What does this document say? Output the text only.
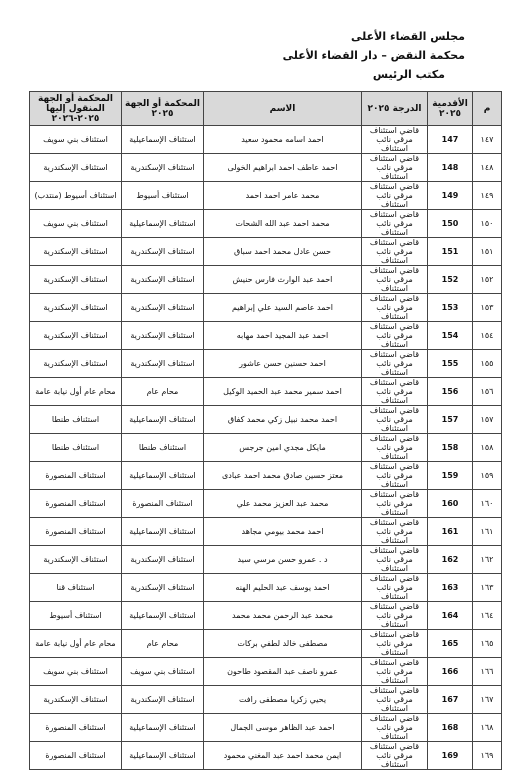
مجلس القضاء الأعلى
محكمة النقض – دار القضاء الأعلى
مكتب الرئيس
م	الأقدمية ٢٠٢٥	الدرجة ٢٠٢٥	الاسم	المحكمة أو الجهة ٢٠٢٥	المحكمة أو الجهة المنقول إليها ٢٠٢٥-٢٠٢٦
١٤٧	147	قاضي استئناف مرقي نائب استئناف	احمد اسامه محمود سعيد	استئناف الإسماعيلية	استئناف بني سويف
١٤٨	148	قاضي استئناف مرقي نائب استئناف	احمد عاطف احمد ابراهيم الخولى	استئناف الإسكندرية	استئناف الإسكندرية
١٤٩	149	قاضي استئناف مرقي نائب استئناف	محمد عامر احمد احمد	استئناف أسيوط	استئناف أسيوط (منتدب)
١٥٠	150	قاضي استئناف مرقي نائب استئناف	محمد احمد عبد الله الشحات	استئناف الإسماعيلية	استئناف بني سويف
١٥١	151	قاضي استئناف مرقي نائب استئناف	حسن عادل محمد احمد سباق	استئناف الإسكندرية	استئناف الإسكندرية
١٥٢	152	قاضي استئناف مرقي نائب استئناف	احمد عبد الوارث فارس حنيش	استئناف الإسكندرية	استئناف الإسكندرية
١٥٣	153	قاضي استئناف مرقي نائب استئناف	احمد عاصم السيد علي إبراهيم	استئناف الإسكندرية	استئناف الإسكندرية
١٥٤	154	قاضي استئناف مرقي نائب استئناف	احمد عبد المجيد احمد مهابه	استئناف الإسكندرية	استئناف الإسكندرية
١٥٥	155	قاضي استئناف مرقي نائب استئناف	احمد حسنين حسن عاشور	استئناف الإسكندرية	استئناف الإسكندرية
١٥٦	156	قاضي استئناف مرقي نائب استئناف	احمد سمير محمد عبد الحميد الوكيل	محام عام	محام عام أول نيابة عامة
١٥٧	157	قاضي استئناف مرقي نائب استئناف	احمد محمد نبيل زكي محمد كفاق	استئناف الإسماعيلية	استئناف طنطا
١٥٨	158	قاضي استئناف مرقي نائب استئناف	مايكل مجدي امين جرجس	استئناف طنطا	استئناف طنطا
١٥٩	159	قاضي استئناف مرقي نائب استئناف	معتز حسين صادق محمد احمد عبادى	استئناف الإسماعيلية	استئناف المنصورة
١٦٠	160	قاضي استئناف مرقي نائب استئناف	محمد عبد العزيز محمد علي	استئناف المنصورة	استئناف المنصورة
١٦١	161	قاضي استئناف مرقي نائب استئناف	احمد محمد بيومي مجاهد	استئناف الإسماعيلية	استئناف المنصورة
١٦٢	162	قاضي استئناف مرقي نائب استئناف	د . عمرو حسن مرسي سيد	استئناف الإسكندرية	استئناف الإسكندرية
١٦٣	163	قاضي استئناف مرقي نائب استئناف	احمد يوسف عبد الحليم الهنه	استئناف الإسكندرية	استئناف قنا
١٦٤	164	قاضي استئناف مرقي نائب استئناف	محمد عبد الرحمن محمد محمد	استئناف الإسماعيلية	استئناف أسيوط
١٦٥	165	قاضي استئناف مرقي نائب استئناف	مصطفى خالد لطفي بركات	محام عام	محام عام أول نيابة عامة
١٦٦	166	قاضي استئناف مرقي نائب استئناف	عمرو ناصف عبد المقصود طاحون	استئناف بني سويف	استئناف بني سويف
١٦٧	167	قاضي استئناف مرقي نائب استئناف	يحيي زكريا مصطفى رافت	استئناف الإسكندرية	استئناف الإسكندرية
١٦٨	168	قاضي استئناف مرقي نائب استئناف	احمد عبد الظاهر موسى الجمال	استئناف الإسماعيلية	استئناف المنصورة
١٦٩	169	قاضي استئناف مرقي نائب استئناف	ايمن محمد احمد عبد المغني محمود	استئناف الإسماعيلية	استئناف المنصورة
